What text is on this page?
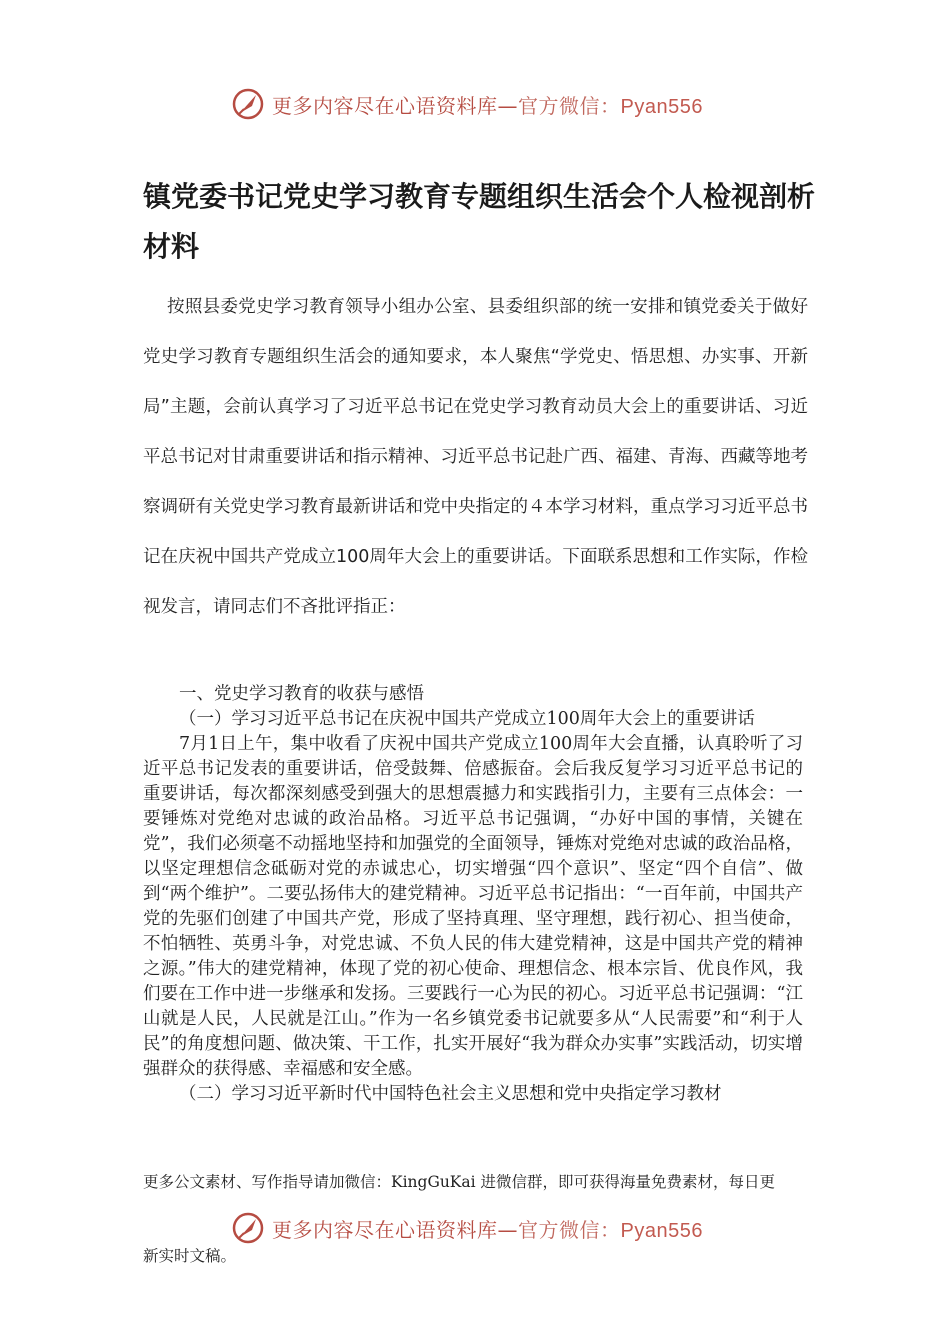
更多内容尽在心语资料库—官方微信：Pyan556
镇党委书记党史学习教育专题组织生活会个人检视剖析材料

按照县委党史学习教育领导小组办公室、县委组织部的统一安排和镇党委关于做好党史学习教育专题组织生活会的通知要求，本人聚焦“学党史、悟思想、办实事、开新局”主题，会前认真学习了习近平总书记在党史学习教育动员大会上的重要讲话、习近平总书记对甘肃重要讲话和指示精神、习近平总书记赴广西、福建、青海、西藏等地考察调研有关党史学习教育最新讲话和党中央指定的４本学习材料，重点学习习近平总书记在庆祝中国共产党成立100周年大会上的重要讲话。下面联系思想和工作实际，作检视发言，请同志们不吝批评指正：

一、党史学习教育的收获与感悟

（一）学习习近平总书记在庆祝中国共产党成立100周年大会上的重要讲话

7月1日上午，集中收看了庆祝中国共产党成立100周年大会直播，认真聆听了习近平总书记发表的重要讲话，倍受鼓舞、倍感振奋。会后我反复学习习近平总书记的重要讲话，每次都深刻感受到强大的思想震撼力和实践指引力，主要有三点体会：一要锤炼对党绝对忠诚的政治品格。习近平总书记强调，“办好中国的事情，关键在党”，我们必须毫不动摇地坚持和加强党的全面领导，锤炼对党绝对忠诚的政治品格，以坚定理想信念砥砺对党的赤诚忠心，切实增强“四个意识”、坚定“四个自信”、做到“两个维护”。二要弘扬伟大的建党精神。习近平总书记指出：“一百年前，中国共产党的先驱们创建了中国共产党，形成了坚持真理、坚守理想，践行初心、担当使命，不怕牺牲、英勇斗争，对党忠诚、不负人民的伟大建党精神，这是中国共产党的精神之源。”伟大的建党精神，体现了党的初心使命、理想信念、根本宗旨、优良作风，我们要在工作中进一步继承和发扬。三要践行一心为民的初心。习近平总书记强调：“江山就是人民，人民就是江山。”作为一名乡镇党委书记就要多从“人民需要”和“利于人民”的角度想问题、做决策、干工作，扎实开展好“我为群众办实事”实践活动，切实增强群众的获得感、幸福感和安全感。

（二）学习习近平新时代中国特色社会主义思想和党中央指定学习教材

更多公文素材、写作指导请加微信：KingGuKai 进微信群，即可获得海量免费素材，每日更

更多内容尽在心语资料库—官方微信：Pyan556

新实时文稿。
